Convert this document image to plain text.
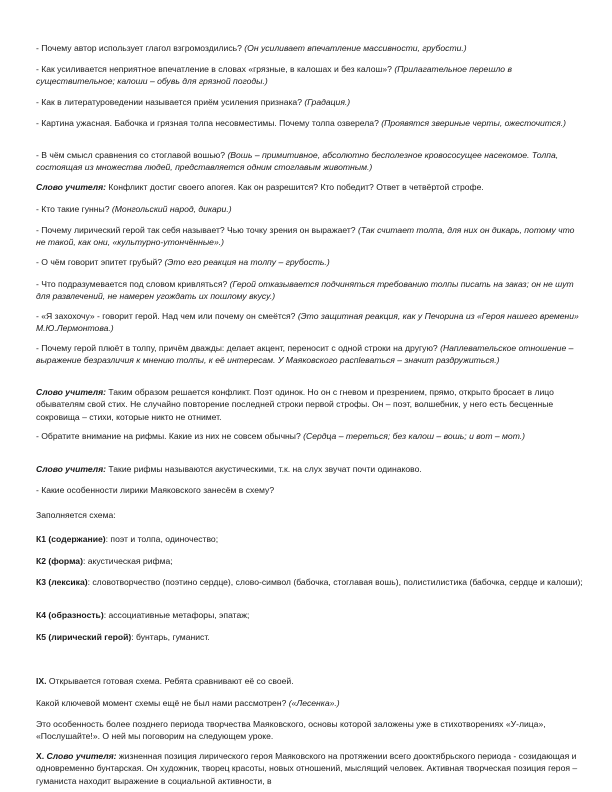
- Почему автор использует глагол взгромоздились? (Он усиливает впечатление массивности, грубости.)

- Как усиливается неприятное впечатление в словах «грязные, в калошах и без калош»? (Прилагательное перешло в существительное; калоши – обувь для грязной погоды.)

- Как в литературоведении называется приём усиления признака? (Градация.)

- Картина ужасная. Бабочка и грязная толпа несовместимы. Почему толпа озверела? (Проявятся звериные черты, ожесточится.)

- В чём смысл сравнения со стоглавой вошью? (Вошь – примитивное, абсолютно бесполезное кровососущее насекомое. Толпа, состоящая из множества людей, представляется одним стоглавым животным.)

Слово учителя: Конфликт достиг своего апогея. Как он разрешится? Кто победит? Ответ в четвёртой строфе.

- Кто такие гунны? (Монгольский народ, дикари.)

- Почему лирический герой так себя называет? Чью точку зрения он выражает? (Так считает толпа, для них он дикарь, потому что не такой, как они, «культурно-утончённые».)

- О чём говорит эпитет грубый? (Это его реакция на толпу – грубость.)

- Что подразумевается под словом кривляться? (Герой отказывается подчиняться требованию толпы писать на заказ; он не шут для развлечений, не намерен угождать их пошлому вкусу.)

- «Я захохочу» - говорит герой. Над чем или почему он смеётся? (Это защитная реакция, как у Печорина из «Героя нашего времени» М.Ю.Лермонтова.)

- Почему герой плюёт в толпу, причём дважды: делает акцент, переносит с одной строки на другую? (Наплевательское отношение – выражение безразличия к мнению толпы, к её интересам. У Маяковского распleваться – значит раздружиться.)

Слово учителя: Таким образом решается конфликт. Поэт одинок. Но он с гневом и презрением, прямо, открыто бросает в лицо обывателям свой стих. Не случайно повторение последней строки первой строфы. Он – поэт, волшебник, у него есть бесценные сокровища – стихи, которые никто не отнимет.

- Обратите внимание на рифмы. Какие из них не совсем обычны? (Сердца – тереться; без калош – вошь; и вот – мот.)

Слово учителя: Такие рифмы называются акустическими, т.к. на слух звучат почти одинаково.

- Какие особенности лирики Маяковского занесём в схему?

Заполняется схема:

К1 (содержание): поэт и толпа, одиночество;

К2 (форма): акустическая рифма;

К3 (лексика): словотворчество (поэтино сердце), слово-символ (бабочка, стоглавая вошь), полистилистика (бабочка, сердце и калоши);

К4 (образность): ассоциативные метафоры, эпатаж;

К5 (лирический герой): бунтарь, гуманист.

IX. Открывается готовая схема. Ребята сравнивают её со своей.

Какой ключевой момент схемы ещё не был нами рассмотрен? («Лесенка».)

Это особенность более позднего периода творчества Маяковского, основы которой заложены уже в стихотворениях «У-лица», «Послушайте!». О ней мы поговорим на следующем уроке.

X. Слово учителя: жизненная позиция лирического героя Маяковского на протяжении всего дооктябрьского периода - созидающая и одновременно бунтарская. Он художник, творец красоты, новых отношений, мыслящий человек. Активная творческая позиция героя – гуманиста находит выражение в социальной активности, в
